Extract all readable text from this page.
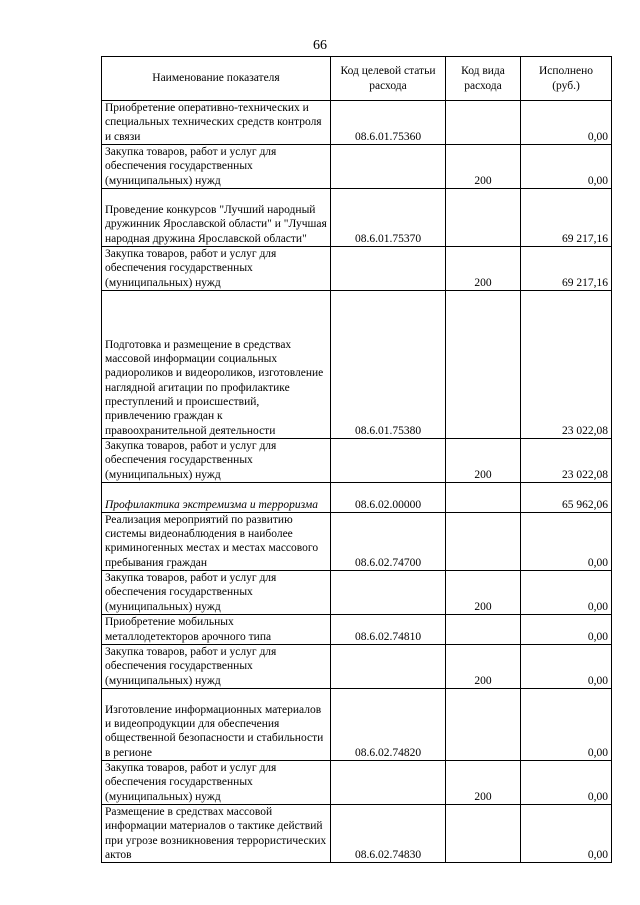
66
Наименование показателя	Код целевой статьи расхода	Код вида расхода	Исполнено (руб.)
Приобретение оперативно-технических и специальных технических средств контроля и связи	08.6.01.75360		0,00
Закупка товаров, работ и услуг для обеспечения государственных (муниципальных) нужд		200	0,00
Проведение конкурсов "Лучший народный дружинник Ярославской области" и "Лучшая народная дружина Ярославской области"	08.6.01.75370		69 217,16
Закупка товаров, работ и услуг для обеспечения государственных (муниципальных) нужд		200	69 217,16
Подготовка и размещение в средствах массовой информации социальных радиороликов и видеороликов, изготовление наглядной агитации по профилактике преступлений и происшествий, привлечению граждан к правоохранительной деятельности	08.6.01.75380		23 022,08
Закупка товаров, работ и услуг для обеспечения государственных (муниципальных) нужд		200	23 022,08
Профилактика экстремизма и терроризма	08.6.02.00000		65 962,06
Реализация мероприятий по развитию системы видеонаблюдения в наиболее криминогенных местах и местах массового пребывания граждан	08.6.02.74700		0,00
Закупка товаров, работ и услуг для обеспечения государственных (муниципальных) нужд		200	0,00
Приобретение мобильных металлодетекторов арочного типа	08.6.02.74810		0,00
Закупка товаров, работ и услуг для обеспечения государственных (муниципальных) нужд		200	0,00
Изготовление информационных материалов и видеопродукции для обеспечения общественной безопасности и стабильности в регионе	08.6.02.74820		0,00
Закупка товаров, работ и услуг для обеспечения государственных (муниципальных) нужд		200	0,00
Размещение в средствах массовой информации материалов о тактике действий при угрозе возникновения террористических актов	08.6.02.74830		0,00
